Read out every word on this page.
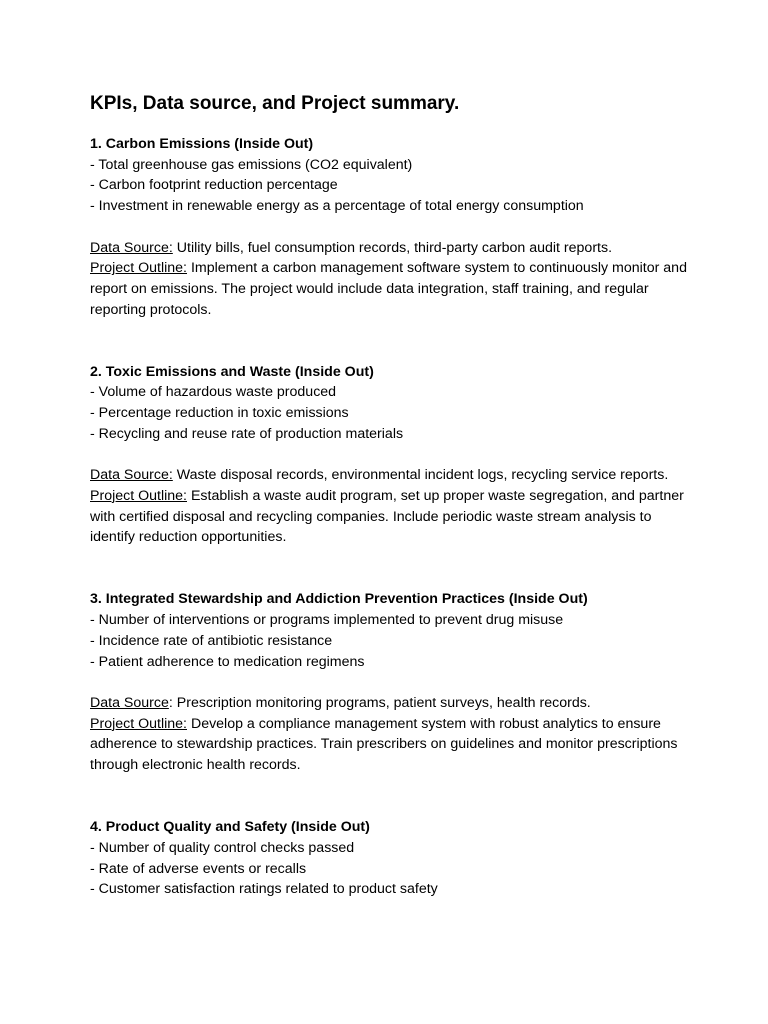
KPIs, Data source, and Project summary.
1. Carbon Emissions (Inside Out)
- Total greenhouse gas emissions (CO2 equivalent)
- Carbon footprint reduction percentage
- Investment in renewable energy as a percentage of total energy consumption

Data Source: Utility bills, fuel consumption records, third-party carbon audit reports.

Project Outline: Implement a carbon management software system to continuously monitor and report on emissions. The project would include data integration, staff training, and regular reporting protocols.

2. Toxic Emissions and Waste (Inside Out)
- Volume of hazardous waste produced
- Percentage reduction in toxic emissions
- Recycling and reuse rate of production materials

Data Source: Waste disposal records, environmental incident logs, recycling service reports.

Project Outline: Establish a waste audit program, set up proper waste segregation, and partner with certified disposal and recycling companies. Include periodic waste stream analysis to identify reduction opportunities.

3. Integrated Stewardship and Addiction Prevention Practices (Inside Out)
- Number of interventions or programs implemented to prevent drug misuse
- Incidence rate of antibiotic resistance
- Patient adherence to medication regimens

Data Source: Prescription monitoring programs, patient surveys, health records.

Project Outline: Develop a compliance management system with robust analytics to ensure adherence to stewardship practices. Train prescribers on guidelines and monitor prescriptions through electronic health records.

4. Product Quality and Safety (Inside Out)
- Number of quality control checks passed
- Rate of adverse events or recalls
- Customer satisfaction ratings related to product safety
